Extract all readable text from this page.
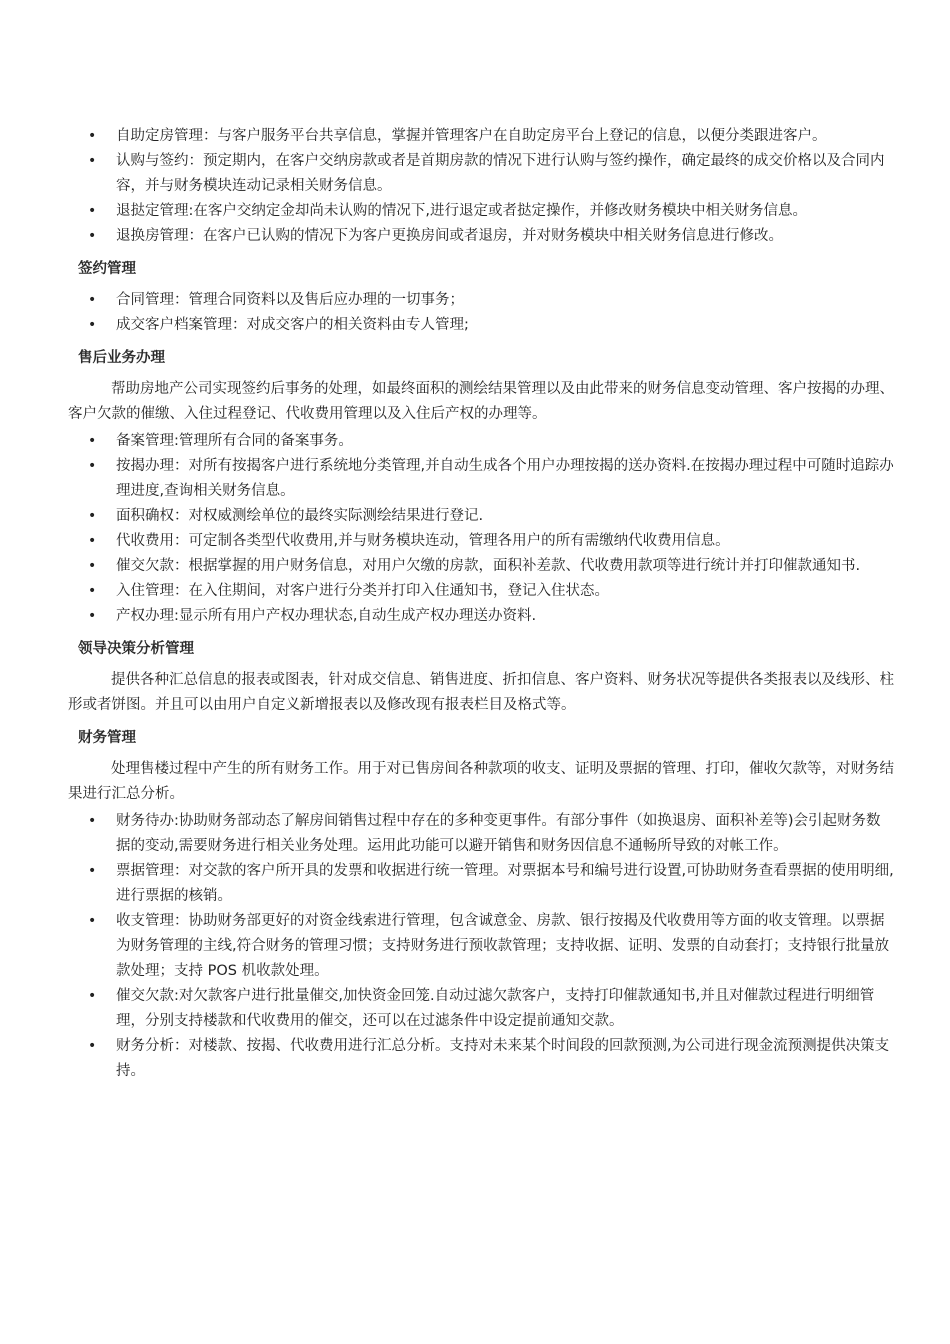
• 自助定房管理：与客户服务平台共享信息，掌握并管理客户在自助定房平台上登记的信息，以便分类跟进客户。
• 认购与签约：预定期内，在客户交纳房款或者是首期房款的情况下进行认购与签约操作，确定最终的成交价格以及合同内容，并与财务模块连动记录相关财务信息。
• 退挞定管理:在客户交纳定金却尚未认购的情况下,进行退定或者挞定操作，并修改财务模块中相关财务信息。
• 退换房管理：在客户已认购的情况下为客户更换房间或者退房，并对财务模块中相关财务信息进行修改。
签约管理
• 合同管理：管理合同资料以及售后应办理的一切事务；
• 成交客户档案管理：对成交客户的相关资料由专人管理;
售后业务办理

帮助房地产公司实现签约后事务的处理，如最终面积的测绘结果管理以及由此带来的财务信息变动管理、客户按揭的办理、客户欠款的催缴、入住过程登记、代收费用管理以及入住后产权的办理等。

• 备案管理:管理所有合同的备案事务。
• 按揭办理：对所有按揭客户进行系统地分类管理,并自动生成各个用户办理按揭的送办资料.在按揭办理过程中可随时追踪办理进度,查询相关财务信息。
• 面积确权：对权威测绘单位的最终实际测绘结果进行登记.
• 代收费用：可定制各类型代收费用,并与财务模块连动，管理各用户的所有需缴纳代收费用信息。
• 催交欠款：根据掌握的用户财务信息，对用户欠缴的房款，面积补差款、代收费用款项等进行统计并打印催款通知书.
• 入住管理：在入住期间，对客户进行分类并打印入住通知书，登记入住状态。
• 产权办理:显示所有用户产权办理状态,自动生成产权办理送办资料.
领导决策分析管理

提供各种汇总信息的报表或图表，针对成交信息、销售进度、折扣信息、客户资料、财务状况等提供各类报表以及线形、柱形或者饼图。并且可以由用户自定义新增报表以及修改现有报表栏目及格式等。

财务管理

处理售楼过程中产生的所有财务工作。用于对已售房间各种款项的收支、证明及票据的管理、打印，催收欠款等，对财务结果进行汇总分析。

• 财务待办:协助财务部动态了解房间销售过程中存在的多种变更事件。有部分事件（如换退房、面积补差等)会引起财务数据的变动,需要财务进行相关业务处理。运用此功能可以避开销售和财务因信息不通畅所导致的对帐工作。
• 票据管理：对交款的客户所开具的发票和收据进行统一管理。对票据本号和编号进行设置,可协助财务查看票据的使用明细,进行票据的核销。
• 收支管理：协助财务部更好的对资金线索进行管理，包含诚意金、房款、银行按揭及代收费用等方面的收支管理。以票据为财务管理的主线,符合财务的管理习惯；支持财务进行预收款管理；支持收据、证明、发票的自动套打；支持银行批量放款处理；支持 POS 机收款处理。
• 催交欠款:对欠款客户进行批量催交,加快资金回笼.自动过滤欠款客户，支持打印催款通知书,并且对催款过程进行明细管理，分别支持楼款和代收费用的催交，还可以在过滤条件中设定提前通知交款。
• 财务分析：对楼款、按揭、代收费用进行汇总分析。支持对未来某个时间段的回款预测,为公司进行现金流预测提供决策支持。
